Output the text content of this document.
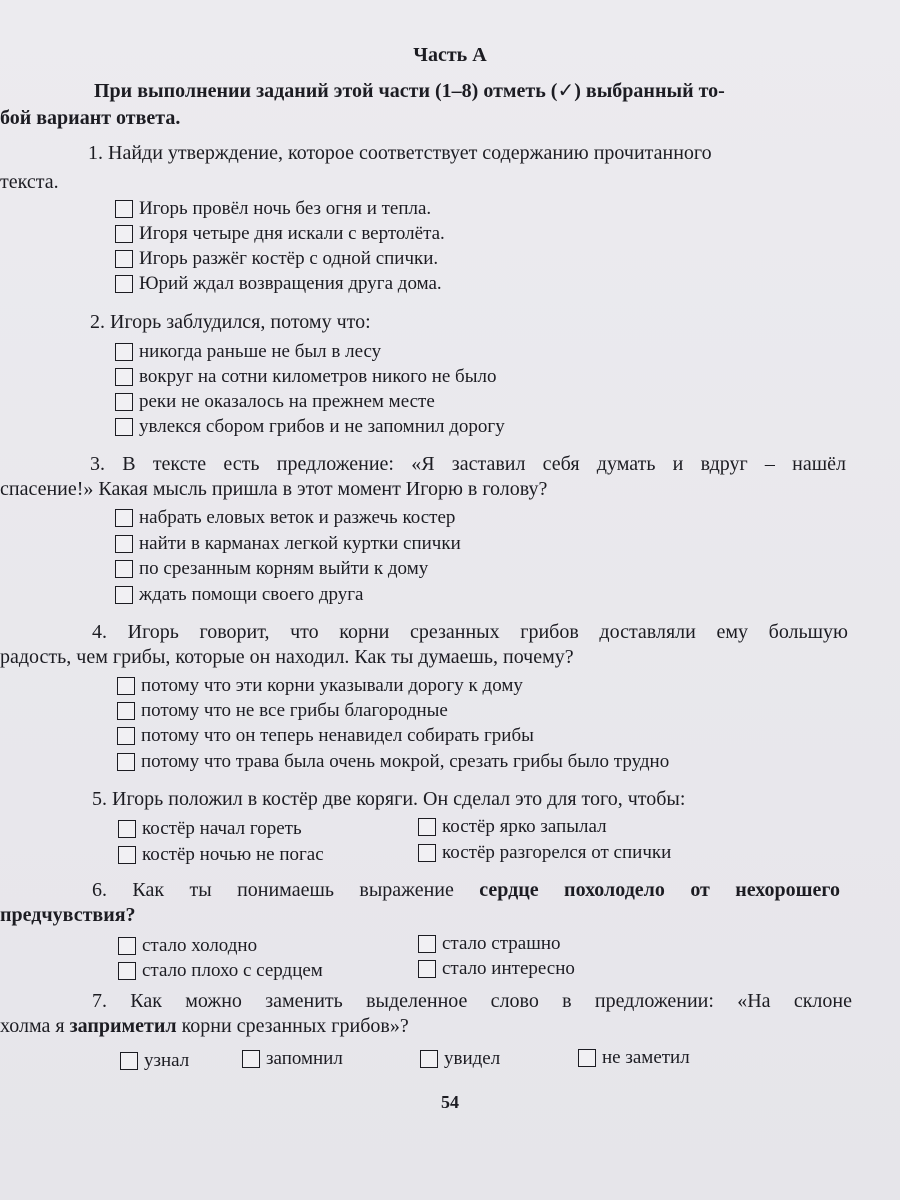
Часть А
При выполнении заданий этой части (1–8) отметь (✓) выбранный то-
бой вариант ответа.
1. Найди утверждение, которое соответствует содержанию прочитанного
текста.
Игорь провёл ночь без огня и тепла.
Игоря четыре дня искали с вертолёта.
Игорь разжёг костёр с одной спички.
Юрий ждал возвращения друга дома.
2. Игорь заблудился, потому что:
никогда раньше не был в лесу
вокруг на сотни километров никого не было
реки не оказалось на прежнем месте
увлекся сбором грибов и не запомнил дорогу
3. В тексте есть предложение: «Я заставил себя думать и вдруг – нашёл
спасение!» Какая мысль пришла в этот момент Игорю в голову?
набрать еловых веток и разжечь костер
найти в карманах легкой куртки спички
по срезанным корням выйти к дому
ждать помощи своего друга
4. Игорь говорит, что корни срезанных грибов доставляли ему большую
радость, чем грибы, которые он находил. Как ты думаешь, почему?
потому что эти корни указывали дорогу к дому
потому что не все грибы благородные
потому что он теперь ненавидел собирать грибы
потому что трава была очень мокрой, срезать грибы было трудно
5. Игорь положил в костёр две коряги. Он сделал это для того, чтобы:
костёр начал гореть	костёр ярко запылал
костёр ночью не погас	костёр разгорелся от спички
6. Как ты понимаешь выражение сердце похолодело от нехорошего
предчувствия?
стало холодно	стало страшно
стало плохо с сердцем	стало интересно
7. Как можно заменить выделенное слово в предложении: «На склоне
холма я заприметил корни срезанных грибов»?
узнал	запомнил	увидел	не заметил
54
